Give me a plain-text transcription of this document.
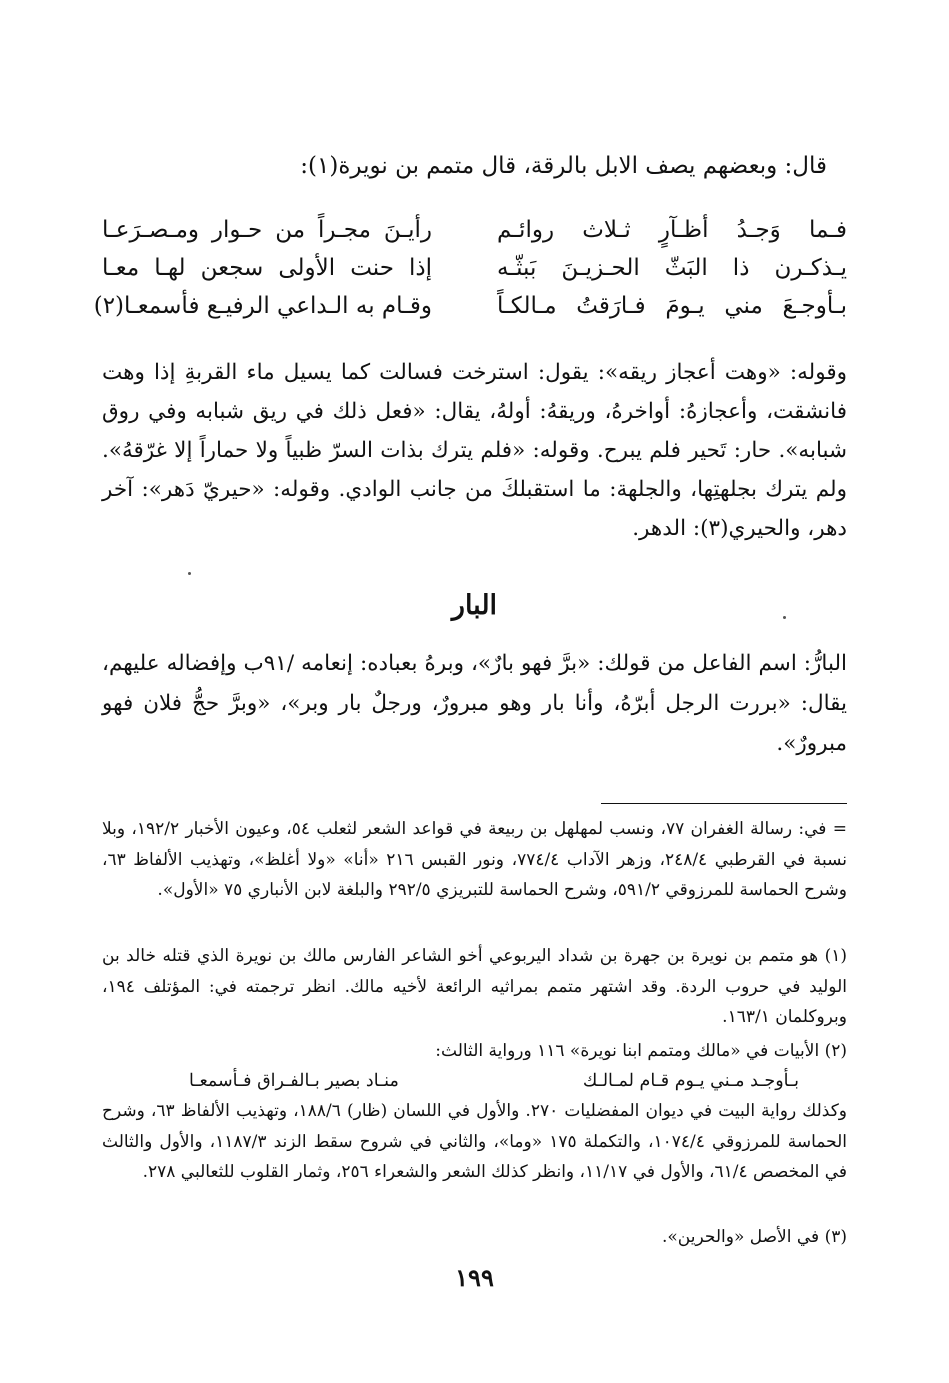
قال: وبعضهم يصف الابل بالرقة، قال متمم بن نويرة(١):
فـما وَجـدُ أظـآرٍ ثـلاث روائـم
رأيـنَ مجـراً من حـوار ومـصـرَعـا
يـذكـرن ذا البَثّ الحـزيـنَ بَبثّـه
إذا حنت الأولى سجعن لهـا معـا
بـأوجـعَ مني يـومَ فـارَقتُ مـالكـاً
وقـام به الـداعي الرفيـع فأسمعـا(٢)
وقوله: «وهت أعجاز ريقه»: يقول: استرخت فسالت كما يسيل ماء القربةِ إذا وهت فانشقت، وأعجازهُ: أواخرهُ، وريقهُ: أولهُ، يقال: «فعل ذلك في ريق شبابه وفي روق شبابه». حار: تَحير فلم يبرح. وقوله: «فلم يترك بذات السرّ ظبياً ولا حماراً إلا غرّقهُ». ولم يترك بجلهتِها، والجلهة: ما استقبلكَ من جانب الوادي. وقوله: «حيريّ دَهر»: آخر دهر، والحيري(٣): الدهر.
البار
البارُّ: اسم الفاعل من قولك: «برَّ فهو بارٌ»، وبرهُ بعباده: إنعامه /٩١ب وإفضاله عليهم، يقال: «بررت الرجل أبرّهُ، وأنا بار وهو مبرورٌ، ورجلٌ بار وبر»، «وبرَّ حجُّ فلان فهو مبرورٌ».
= في: رسالة الغفران ٧٧، ونسب لمهلهل بن ربيعة في قواعد الشعر لثعلب ٥٤، وعيون الأخبار ١٩٢/٢، وبلا نسبة في القرطبي ٢٤٨/٤، وزهر الآداب ٧٧٤/٤، ونور القبس ٢١٦ «أنا» «ولا أغلظ»، وتهذيب الألفاظ ٦٣، وشرح الحماسة للمرزوقي ٥٩١/٢، وشرح الحماسة للتبريزي ٢٩٢/٥ والبلغة لابن الأنباري ٧٥ «الأول».
(١) هو متمم بن نويرة بن جهرة بن شداد اليربوعي أخو الشاعر الفارس مالك بن نويرة الذي قتله خالد بن الوليد في حروب الردة. وقد اشتهر متمم بمراثيه الرائعة لأخيه مالك. انظر ترجمته في: المؤتلف ١٩٤، وبروكلمان ١٦٣/١.
(٢) الأبيات في «مالك ومتمم ابنا نويرة» ١١٦ ورواية الثالث:
بـأوجـد مـني يـوم قـام لمـالـك
منـاد بصير بـالفـراق فـأسمعـا
وكذلك رواية البيت في ديوان المفضليات ٢٧٠. والأول في اللسان (ظار) ١٨٨/٦، وتهذيب الألفاظ ٦٣، وشرح الحماسة للمرزوقي ١٠٧٤/٤، والتكملة ١٧٥ «وما»، والثاني في شروح سقط الزند ١١٨٧/٣، والأول والثالث في المخصص ٦١/٤، والأول في ١١/١٧، وانظر كذلك الشعر والشعراء ٢٥٦، وثمار القلوب للثعالبي ٢٧٨.
(٣) في الأصل «والحرين».
١٩٩
